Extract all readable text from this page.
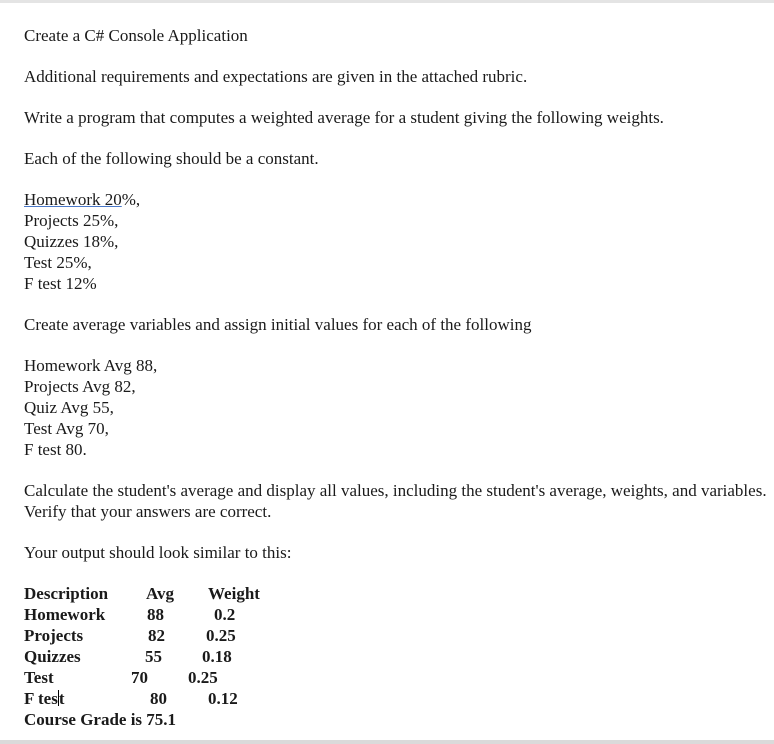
Create a C# Console Application

Additional requirements and expectations are given in the attached rubric.

Write a program that computes a weighted average for a student giving the following weights.

Each of the following should be a constant.

Homework 20%,
Projects 25%,
Quizzes 18%,
Test 25%,
F test 12%

Create average variables and assign initial values for each of the following

Homework Avg 88,
Projects Avg 82,
Quiz Avg 55,
Test Avg 70,
F test 80.

Calculate the student's average and display all values, including the student's average, weights, and variables. Verify that your answers are correct.

Your output should look similar to this:

Description Avg Weight
Homework 88	0.2
Projects	82 0.25
Quizzes	55 0.18
Test	70 0.25
F test	80 0.12
Course Grade is 75.1
